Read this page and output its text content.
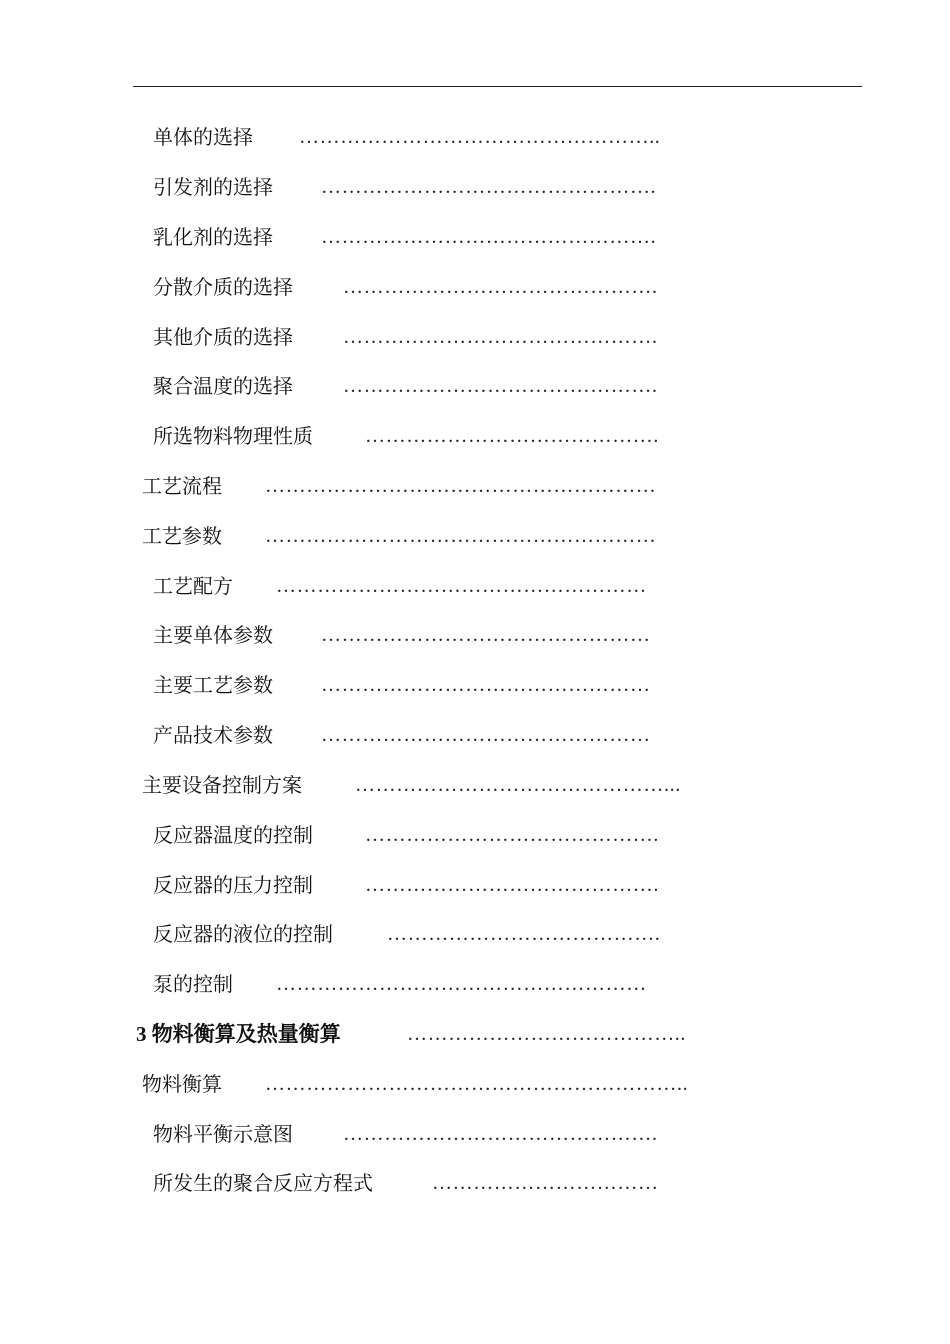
单体的选择 ……………………………………………..
引发剂的选择 ………………………………………….
乳化剂的选择 ………………………………………….
分散介质的选择	……………………………………….
其他介质的选择	……………………………………….
聚合温度的选择	……………………………………….
所选物料物理性质	…………………………………….
工艺流程 …………………………………………………
工艺参数 …………………………………………………
工艺配方 ………………………………………………
主要单体参数 …………………………………………
主要工艺参数 …………………………………………
产品技术参数 …………………………………………
主要设备控制方案	………………………………………...
反应器温度的控制	…………………………………….
反应器的压力控制	…………………………………….
反应器的液位的控制	………………………………….
泵的控制 ………………………………………………
3 物料衡算及热量衡算	…………………………………..
物料衡算 ……………………………………………………..
物料平衡示意图	……………………………………….
所发生的聚合反应方程式	……………………………
